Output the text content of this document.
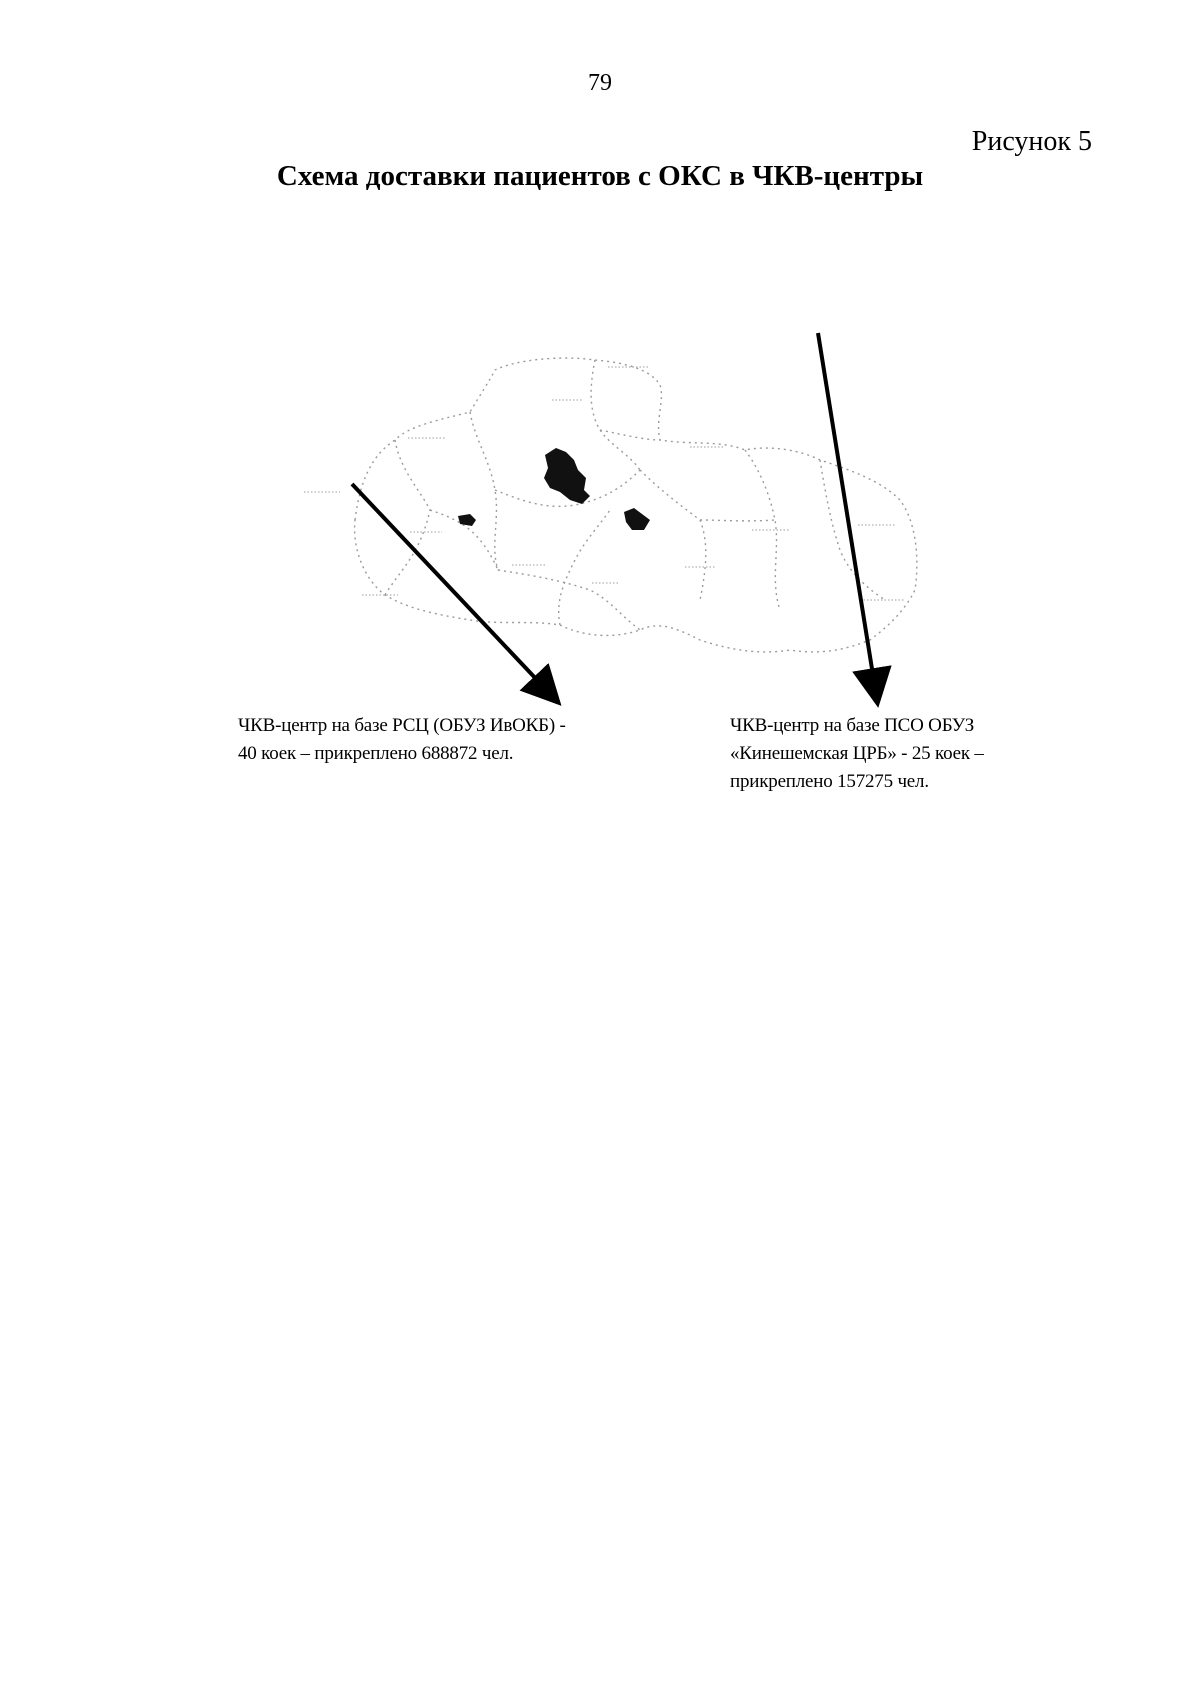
79
Рисунок 5
Схема доставки пациентов с ОКС в ЧКВ-центры
ЧКВ-центр на базе РСЦ (ОБУЗ ИвОКБ) -
40 коек – прикреплено 688872 чел.
ЧКВ-центр на базе ПСО ОБУЗ
«Кинешемская ЦРБ» - 25 коек –
прикреплено 157275 чел.
